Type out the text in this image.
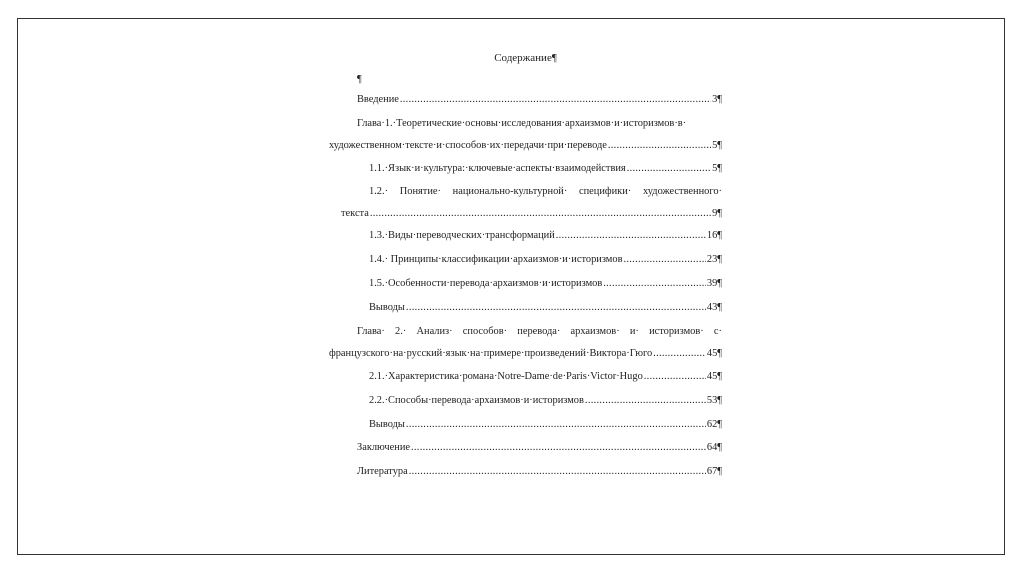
Содержание¶
¶
Введение .....	3¶
Глава·1.·Теоретические·основы·исследования·архаизмов·и·историзмов·в·
художественном·тексте·и·способов·их·передачи·при·переводе .....	5¶
1.1.·Язык·и·культура:·ключевые·аспекты·взаимодействия .....	5¶
1.2.· Понятие· национально-культурной· специфики· художественного·
текста .....	9¶
1.3.·Виды·переводческих·трансформаций .....	16¶
1.4.· Принципы·классификации·архаизмов·и·историзмов .....	23¶
1.5.·Особенности·перевода·архаизмов·и·историзмов .....	39¶
Выводы .....	43¶
Глава· 2.· Анализ· способов· перевода· архаизмов· и· историзмов· с·
французского·на·русский·язык·на·примере·произведений·Виктора·Гюго .....	45¶
2.1.·Характеристика·романа·Notre-Dame·de·Paris·Victor·Hugo .....	45¶
2.2.·Способы·перевода·архаизмов·и·историзмов .....	53¶
Выводы .....	62¶
Заключение .....	64¶
Литература .....	67¶
